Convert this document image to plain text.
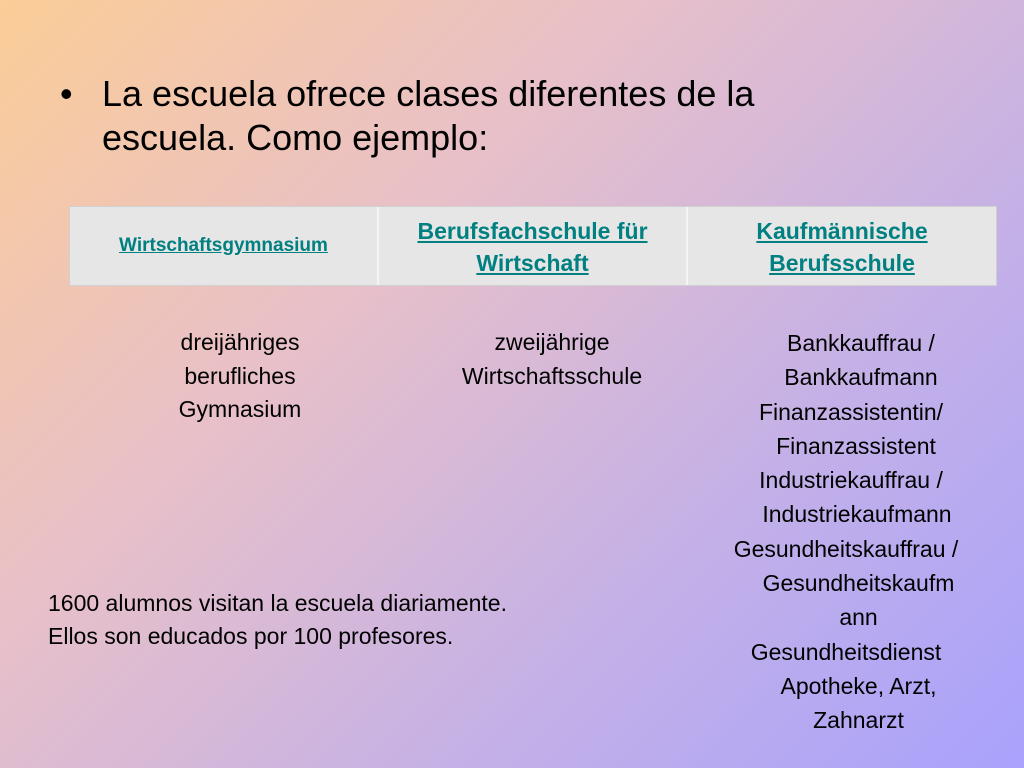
• La escuela ofrece clases diferentes de la escuela. Como ejemplo:
Wirtschaftsgymnasium
Berufsfachschule für Wirtschaft
Kaufmännische Berufsschule
dreijähriges
berufliches
Gymnasium
zweijährige
Wirtschaftsschule
Bankkauffrau /
Bankkaufmann
Finanzassistentin/
Finanzassistent
Industriekauffrau /
Industriekaufmann
Gesundheitskauffrau /
Gesundheitskaufm
ann
Gesundheitsdienst
Apotheke, Arzt,
Zahnarzt
1600 alumnos visitan la escuela diariamente.
Ellos son educados por 100 profesores.
